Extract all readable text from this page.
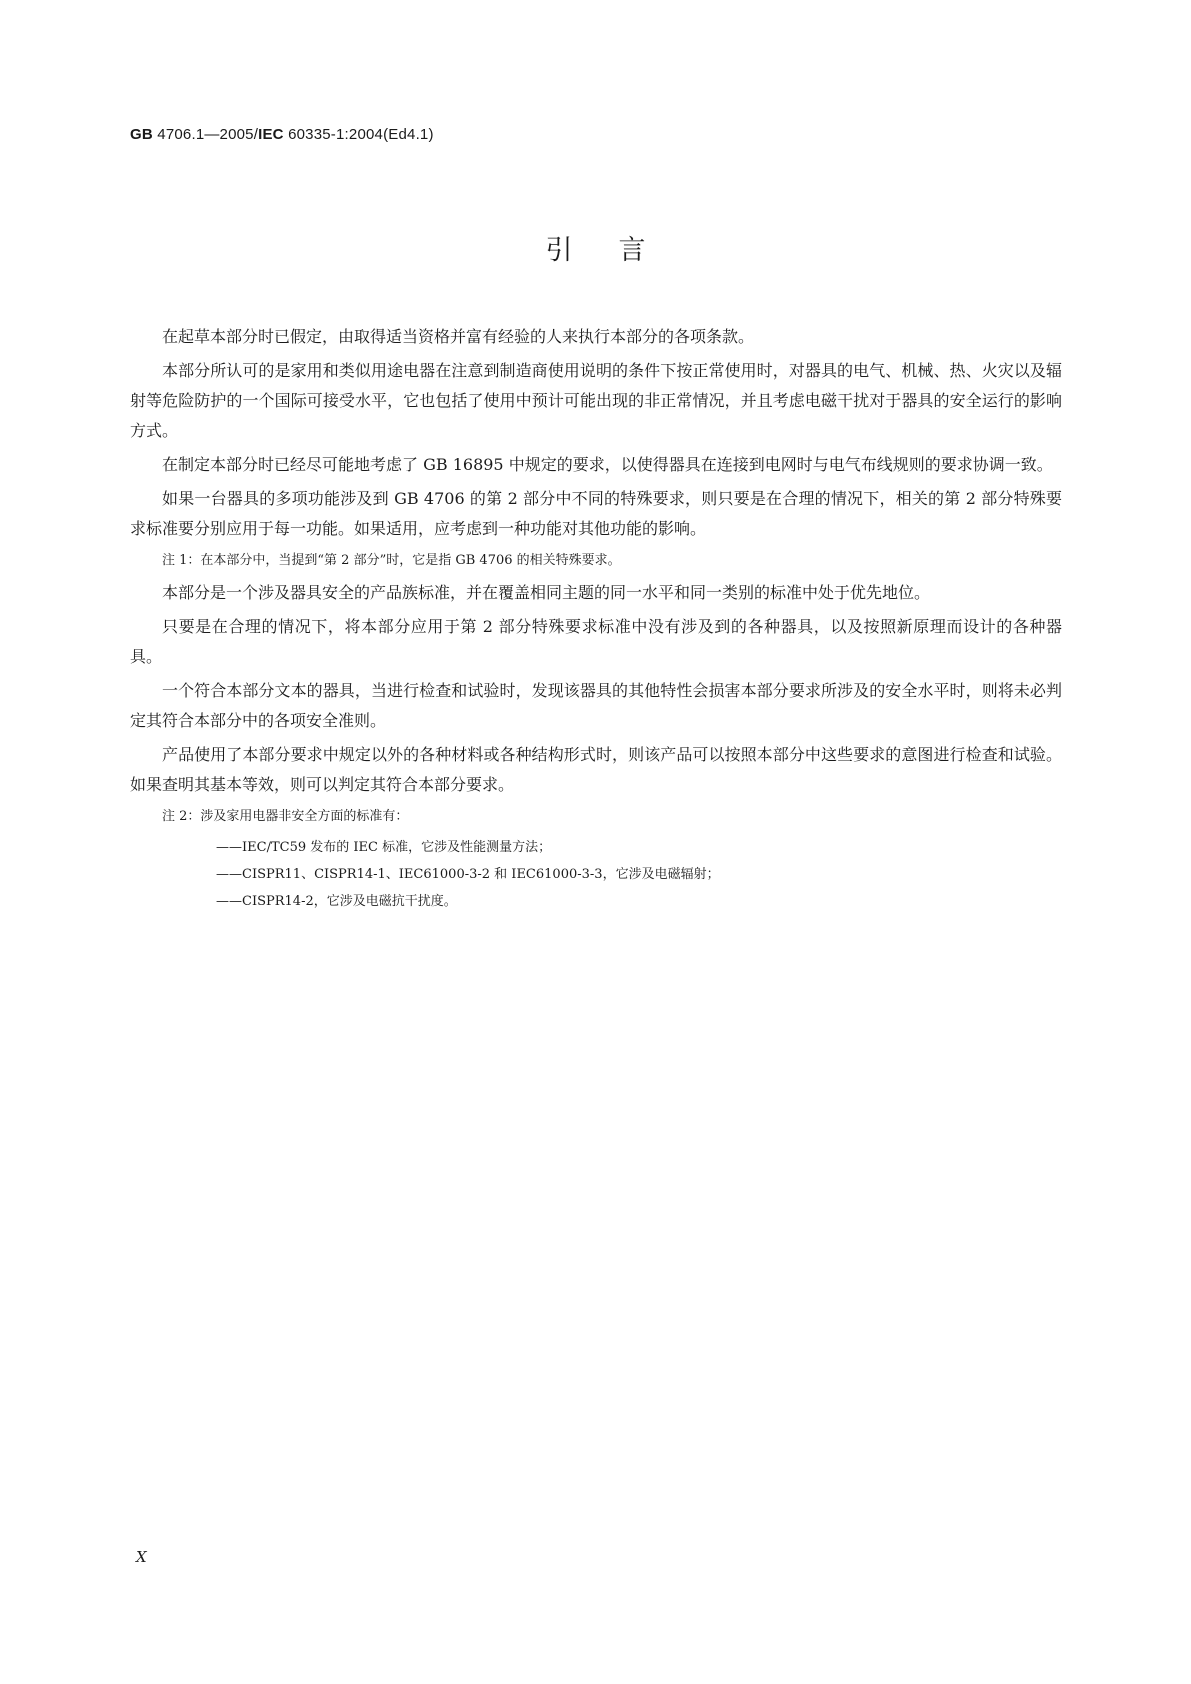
GB 4706.1—2005/IEC 60335-1:2004(Ed4.1)
引言

在起草本部分时已假定，由取得适当资格并富有经验的人来执行本部分的各项条款。

本部分所认可的是家用和类似用途电器在注意到制造商使用说明的条件下按正常使用时，对器具的电气、机械、热、火灾以及辐射等危险防护的一个国际可接受水平，它也包括了使用中预计可能出现的非正常情况，并且考虑电磁干扰对于器具的安全运行的影响方式。

在制定本部分时已经尽可能地考虑了 GB 16895 中规定的要求，以使得器具在连接到电网时与电气布线规则的要求协调一致。

如果一台器具的多项功能涉及到 GB 4706 的第 2 部分中不同的特殊要求，则只要是在合理的情况下，相关的第 2 部分特殊要求标准要分别应用于每一功能。如果适用，应考虑到一种功能对其他功能的影响。

注 1：在本部分中，当提到“第 2 部分”时，它是指 GB 4706 的相关特殊要求。

本部分是一个涉及器具安全的产品族标准，并在覆盖相同主题的同一水平和同一类别的标准中处于优先地位。

只要是在合理的情况下，将本部分应用于第 2 部分特殊要求标准中没有涉及到的各种器具，以及按照新原理而设计的各种器具。

一个符合本部分文本的器具，当进行检查和试验时，发现该器具的其他特性会损害本部分要求所涉及的安全水平时，则将未必判定其符合本部分中的各项安全准则。

产品使用了本部分要求中规定以外的各种材料或各种结构形式时，则该产品可以按照本部分中这些要求的意图进行检查和试验。如果查明其基本等效，则可以判定其符合本部分要求。

注 2：涉及家用电器非安全方面的标准有：

——IEC/TC59 发布的 IEC 标准，它涉及性能测量方法；

——CISPR11、CISPR14-1、IEC61000-3-2 和 IEC61000-3-3，它涉及电磁辐射；

——CISPR14-2，它涉及电磁抗干扰度。

X
